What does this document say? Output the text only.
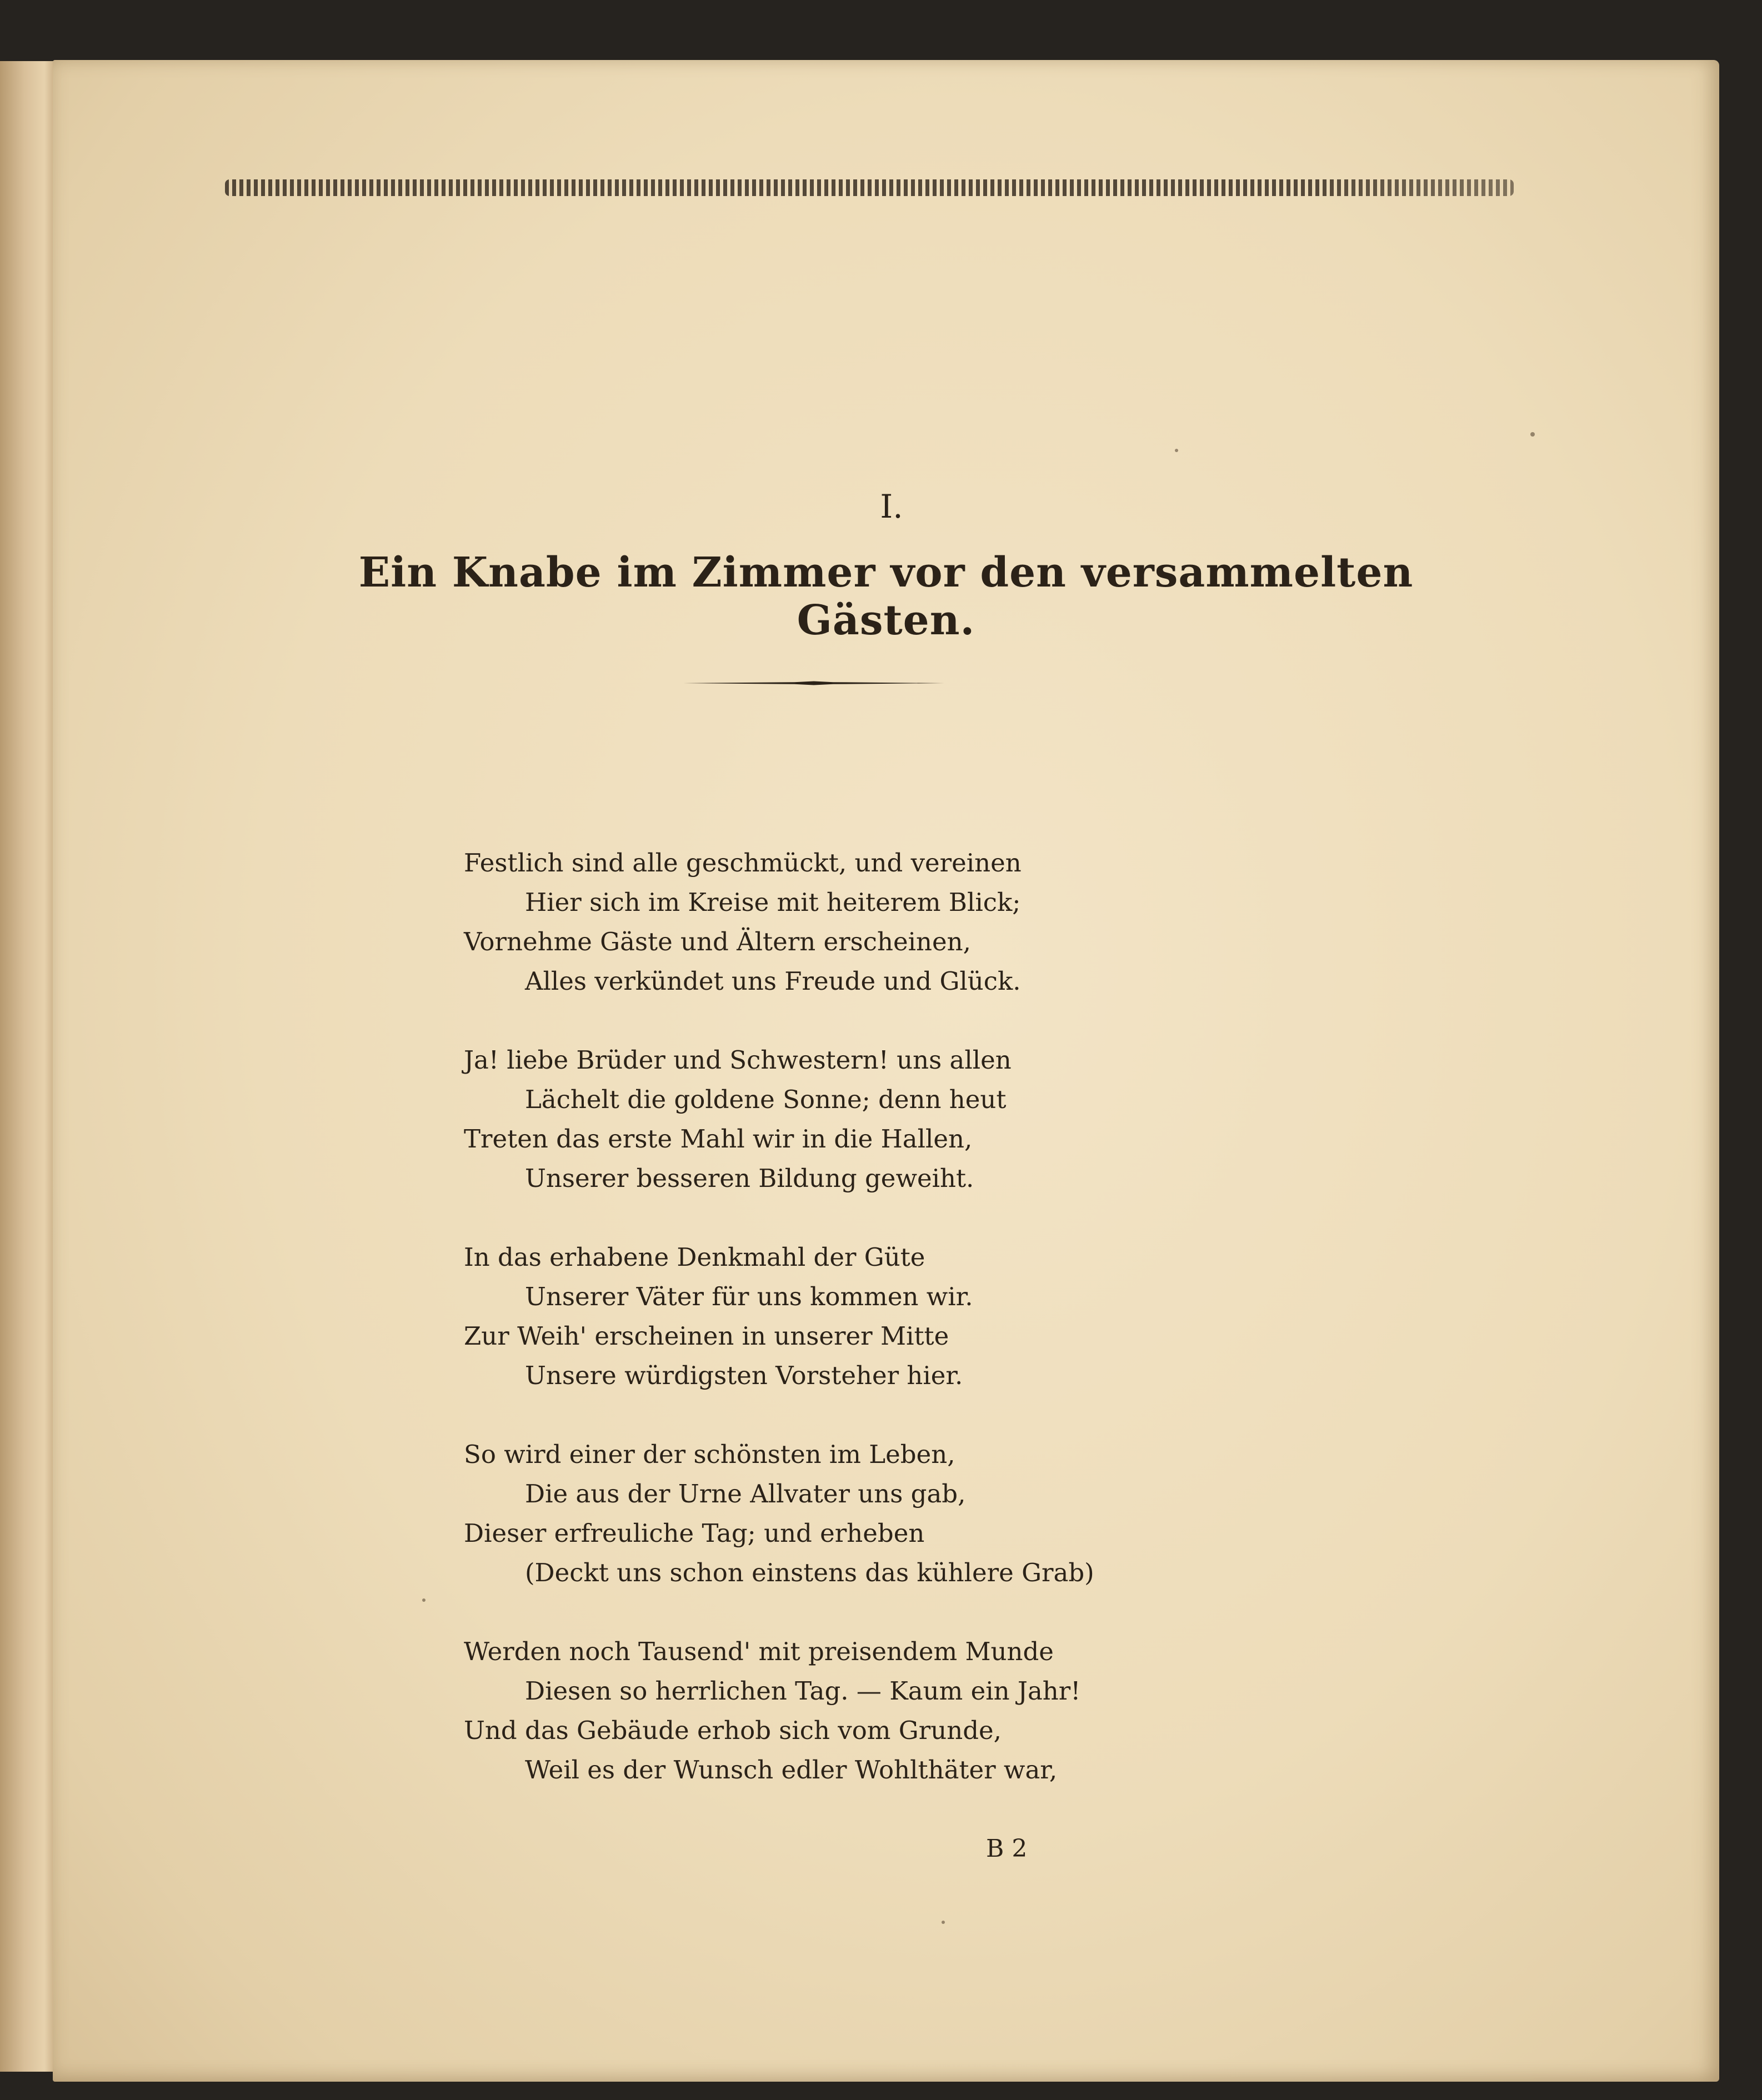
I.
Ein Knabe im Zimmer vor den versammelten Gästen.
Festlich sind alle geschmückt, und vereinen
Hier sich im Kreise mit heiterem Blick;
Vornehme Gäste und Ältern erscheinen,
Alles verkündet uns Freude und Glück.
Ja! liebe Brüder und Schwestern! uns allen
Lächelt die goldene Sonne; denn heut
Treten das erste Mahl wir in die Hallen,
Unserer besseren Bildung geweiht.
In das erhabene Denkmahl der Güte
Unserer Väter für uns kommen wir.
Zur Weih' erscheinen in unserer Mitte
Unsere würdigsten Vorsteher hier.
So wird einer der schönsten im Leben,
Die aus der Urne Allvater uns gab,
Dieser erfreuliche Tag; und erheben
(Deckt uns schon einstens das kühlere Grab)
Werden noch Tausend' mit preisendem Munde
Diesen so herrlichen Tag. — Kaum ein Jahr!
Und das Gebäude erhob sich vom Grunde,
Weil es der Wunsch edler Wohlthäter war,
B 2
